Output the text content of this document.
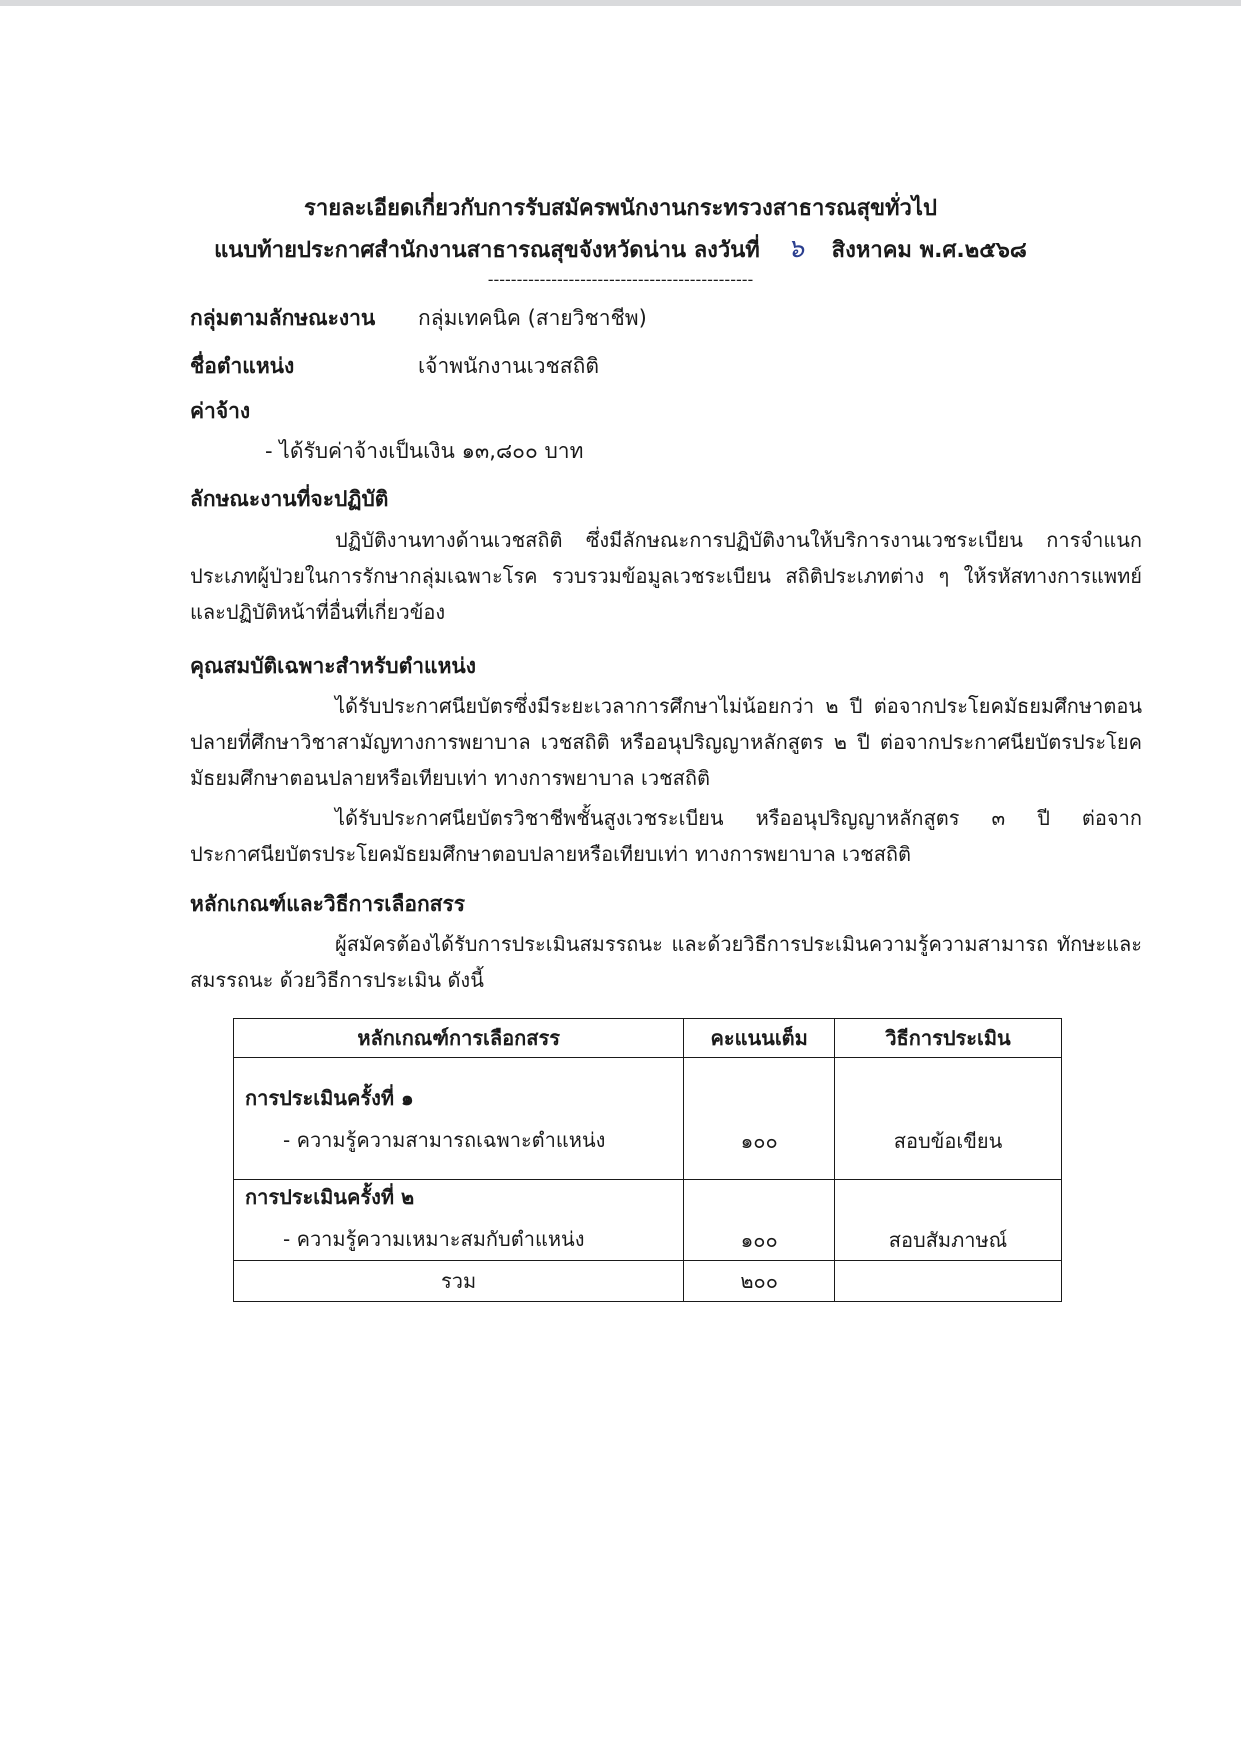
รายละเอียดเกี่ยวกับการรับสมัครพนักงานกระทรวงสาธารณสุขทั่วไป
แนบท้ายประกาศสำนักงานสาธารณสุขจังหวัดน่าน ลงวันที่ ๖ สิงหาคม พ.ศ.๒๕๖๘
----------------------------------------------
กลุ่มตามลักษณะงาน กลุ่มเทคนิค (สายวิชาชีพ)
ชื่อตำแหน่ง	เจ้าพนักงานเวชสถิติ
ค่าจ้าง
- ได้รับค่าจ้างเป็นเงิน ๑๓,๘๐๐ บาท
ลักษณะงานที่จะปฏิบัติ

ปฏิบัติงานทางด้านเวชสถิติ ซึ่งมีลักษณะการปฏิบัติงานให้บริการงานเวชระเบียน การจำแนกประเภทผู้ป่วยในการรักษากลุ่มเฉพาะโรค รวบรวมข้อมูลเวชระเบียน สถิติประเภทต่าง ๆ ให้รหัสทางการแพทย์และปฏิบัติหน้าที่อื่นที่เกี่ยวข้อง

คุณสมบัติเฉพาะสำหรับตำแหน่ง

ได้รับประกาศนียบัตรซึ่งมีระยะเวลาการศึกษาไม่น้อยกว่า ๒ ปี ต่อจากประโยคมัธยมศึกษาตอนปลายที่ศึกษาวิชาสามัญทางการพยาบาล เวชสถิติ หรืออนุปริญญาหลักสูตร ๒ ปี ต่อจากประกาศนียบัตรประโยคมัธยมศึกษาตอนปลายหรือเทียบเท่า ทางการพยาบาล เวชสถิติ

ได้รับประกาศนียบัตรวิชาชีพชั้นสูงเวชระเบียน หรืออนุปริญญาหลักสูตร ๓ ปี ต่อจากประกาศนียบัตรประโยคมัธยมศึกษาตอบปลายหรือเทียบเท่า ทางการพยาบาล เวชสถิติ

หลักเกณฑ์และวิธีการเลือกสรร

ผู้สมัครต้องได้รับการประเมินสมรรถนะ และด้วยวิธีการประเมินความรู้ความสามารถ ทักษะและสมรรถนะ ด้วยวิธีการประเมิน ดังนี้

หลักเกณฑ์การเลือกสรร	คะแนนเต็ม	วิธีการประเมิน

การประเมินครั้งที่ ๑
- ความรู้ความสามารถเฉพาะตำแหน่ง	๑๐๐	สอบข้อเขียน

การประเมินครั้งที่ ๒
- ความรู้ความเหมาะสมกับตำแหน่ง	๑๐๐	สอบสัมภาษณ์
รวม	๒๐๐	
